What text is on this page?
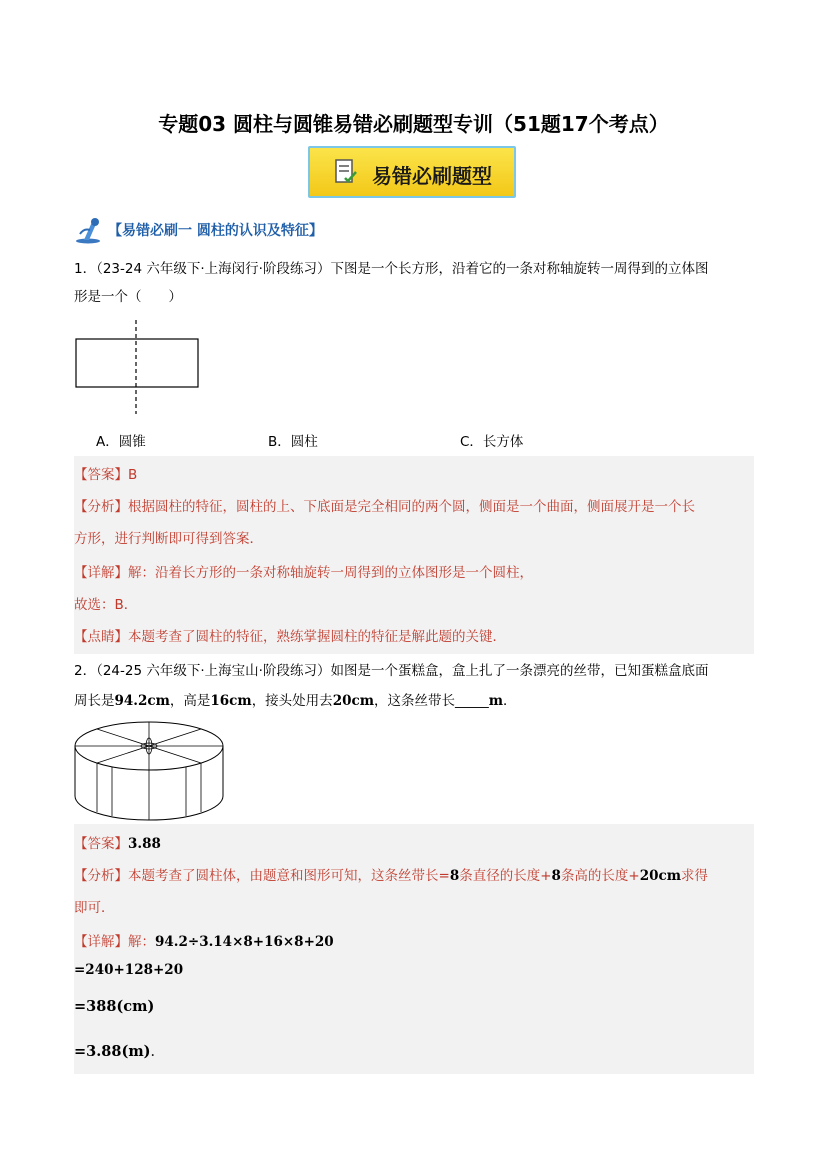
专题03 圆柱与圆锥易错必刷题型专训（51题17个考点）
易错必刷题型
【易错必刷一 圆柱的认识及特征】
1．（23-24 六年级下·上海闵行·阶段练习）下图是一个长方形，沿着它的一条对称轴旋转一周得到的立体图
形是一个（　　）
A．圆锥	B．圆柱	C．长方体
【答案】B
【分析】根据圆柱的特征，圆柱的上、下底面是完全相同的两个圆，侧面是一个曲面，侧面展开是一个长
方形，进行判断即可得到答案．
【详解】解：沿着长方形的一条对称轴旋转一周得到的立体图形是一个圆柱，
故选：B．
【点睛】本题考查了圆柱的特征，熟练掌握圆柱的特征是解此题的关键．
2．（24-25 六年级下·上海宝山·阶段练习）如图是一个蛋糕盒，盒上扎了一条漂亮的丝带，已知蛋糕盒底面
周长是94.2cm，高是16cm，接头处用去20cm，这条丝带长_____m．
【答案】3.88
【分析】本题考查了圆柱体，由题意和图形可知，这条丝带长=8条直径的长度+8条高的长度+20cm求得
即可．
【详解】解：94.2÷3.14×8+16×8+20
=240+128+20
=388(cm)
=3.88(m)．
